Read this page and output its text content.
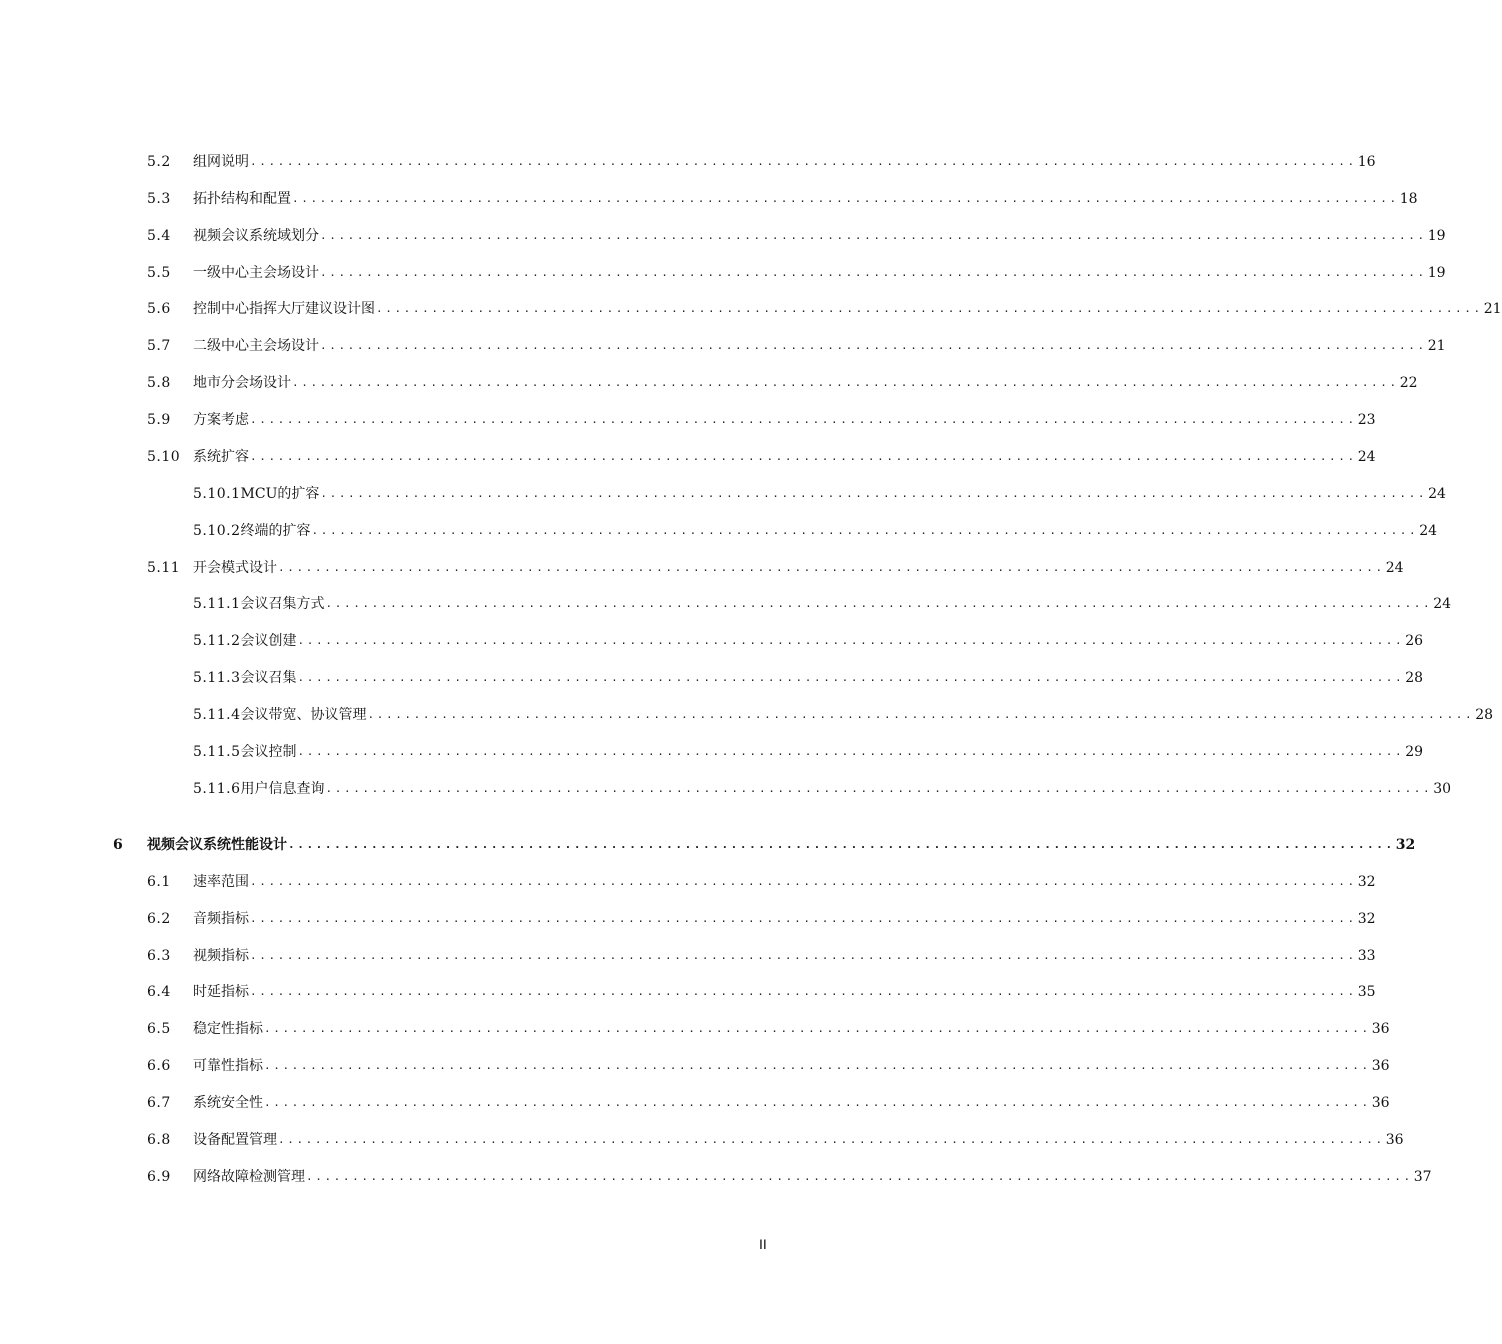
5.2	组网说明 ........................................................................................................................ 16
5.3	拓扑结构和配置 ........................................................................................................................ 18
5.4	视频会议系统域划分 ........................................................................................................................ 19
5.5	一级中心主会场设计 ........................................................................................................................ 19
5.6	控制中心指挥大厅建议设计图 ........................................................................................................................ 21
5.7	二级中心主会场设计 ........................................................................................................................ 21
5.8	地市分会场设计 ........................................................................................................................ 22
5.9	方案考虑 ........................................................................................................................ 23
5.10 系统扩容 ........................................................................................................................ 24
5.10.1 MCU的扩容 ........................................................................................................................ 24
5.10.2 终端的扩容 ........................................................................................................................ 24
5.11 开会模式设计 ........................................................................................................................ 24
5.11.1 会议召集方式 ........................................................................................................................ 24
5.11.2 会议创建 ........................................................................................................................ 26
5.11.3 会议召集 ........................................................................................................................ 28
5.11.4 会议带宽、协议管理 ........................................................................................................................ 28
5.11.5 会议控制 ........................................................................................................................ 29
5.11.6 用户信息查询 ........................................................................................................................ 30
6	视频会议系统性能设计 ........................................................................................................................ 32
6.1	速率范围 ........................................................................................................................ 32
6.2	音频指标 ........................................................................................................................ 32
6.3	视频指标 ........................................................................................................................ 33
6.4	时延指标 ........................................................................................................................ 35
6.5	稳定性指标 ........................................................................................................................ 36
6.6	可靠性指标 ........................................................................................................................ 36
6.7	系统安全性 ........................................................................................................................ 36
6.8	设备配置管理 ........................................................................................................................ 36
6.9	网络故障检测管理 ........................................................................................................................ 37
II
